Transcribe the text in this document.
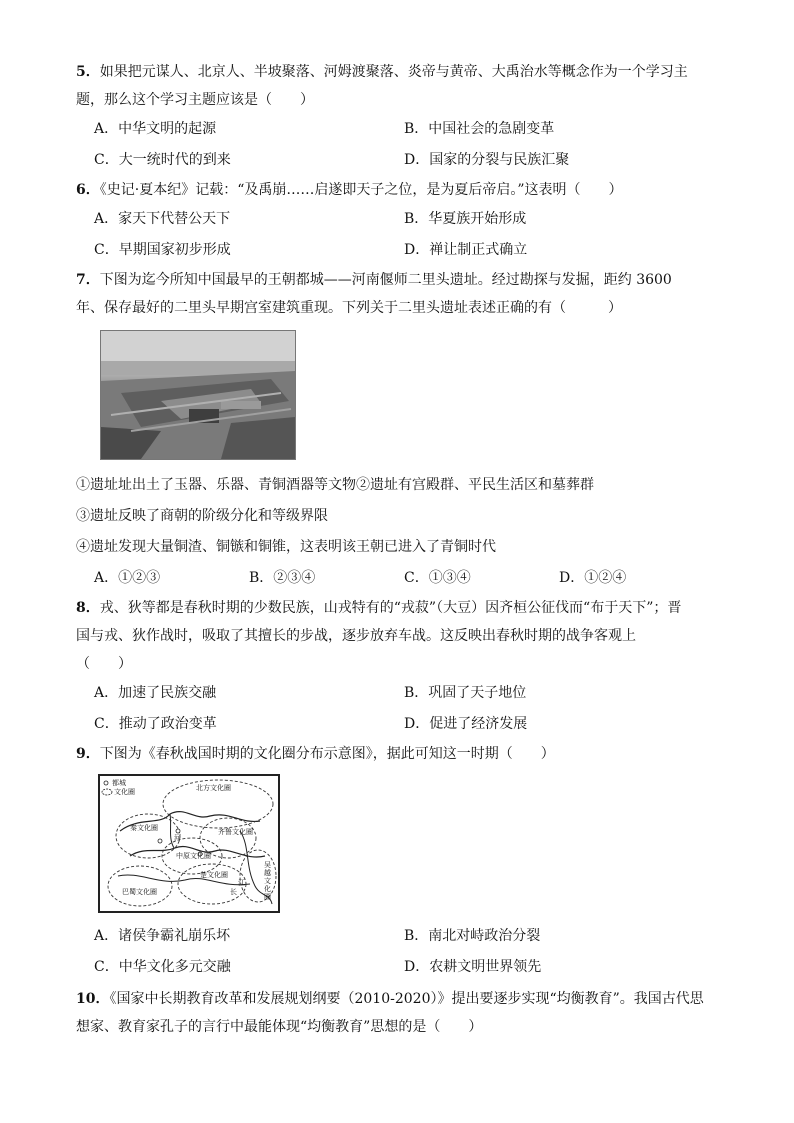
5．如果把元谋人、北京人、半坡聚落、河姆渡聚落、炎帝与黄帝、大禹治水等概念作为一个学习主
题，那么这个学习主题应该是（　　）
A．中华文明的起源	B．中国社会的急剧变革
C．大一统时代的到来	D．国家的分裂与民族汇聚
6．《史记·夏本纪》记载：“及禹崩……启遂即天子之位，是为夏后帝启。”这表明（　　）
A．家天下代替公天下	B．华夏族开始形成
C．早期国家初步形成	D．禅让制正式确立
7．下图为迄今所知中国最早的王朝都城——河南偃师二里头遗址。经过勘探与发掘，距约 3600
年、保存最好的二里头早期宫室建筑重现。下列关于二里头遗址表述正确的有（　　　）
①遗址址出土了玉器、乐器、青铜酒器等文物②遗址有宫殿群、平民生活区和墓葬群
③遗址反映了商朝的阶级分化和等级界限
④遗址发现大量铜渣、铜镞和铜锥，这表明该王朝已进入了青铜时代
A．①②③	B．②③④	C．①③④	D．①②④
8．戎、狄等都是春秋时期的少数民族，山戎特有的“戎菽”（大豆）因齐桓公征伐而“布于天下”；晋
国与戎、狄作战时，吸取了其擅长的步战，逐步放弃车战。这反映出春秋时期的战争客观上
（　　）
A．加速了民族交融	B．巩固了天子地位
C．推动了政治变革	D．促进了经济发展
9．下图为《春秋战国时期的文化圈分布示意图》，据此可知这一时期（　　）
都城
文化圈	北方文化圈
秦文化圈	齐鲁文化圈
中原文化圈
楚文化圈
巴蜀文化圈
吴越文化圈
河
江
长
A．诸侯争霸礼崩乐坏	B．南北对峙政治分裂
C．中华文化多元交融	D．农耕文明世界领先
10．《国家中长期教育改革和发展规划纲要（2010-2020）》提出要逐步实现“均衡教育”。我国古代思
想家、教育家孔子的言行中最能体现“均衡教育”思想的是（　　）
